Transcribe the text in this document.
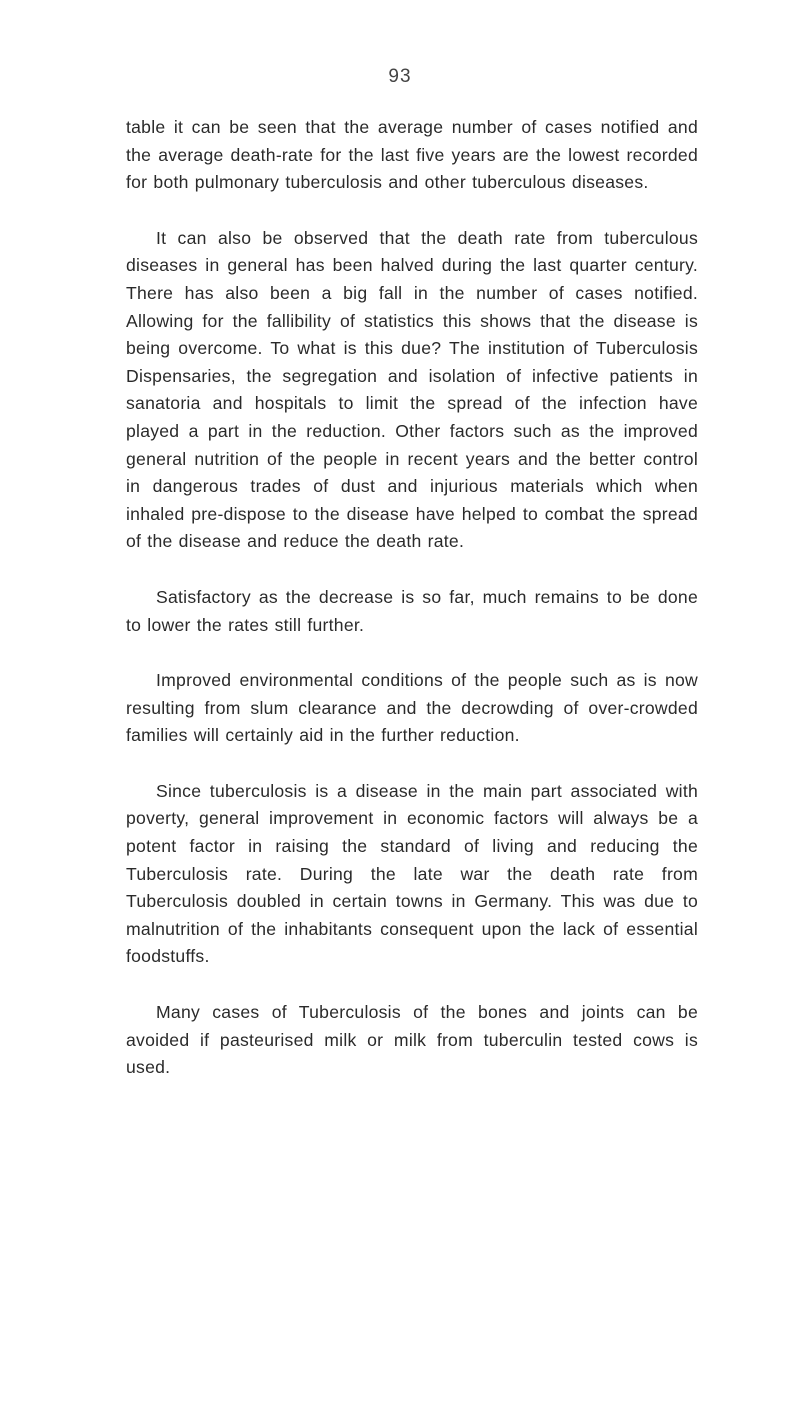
93

table it can be seen that the average number of cases notified and the average death-rate for the last five years are the lowest recorded for both pulmonary tuberculosis and other tuberculous diseases.

It can also be observed that the death rate from tuberculous diseases in general has been halved during the last quarter century. There has also been a big fall in the number of cases notified. Allowing for the fallibility of statistics this shows that the disease is being overcome. To what is this due? The institution of Tuberculosis Dispensaries, the segregation and isolation of infective patients in sanatoria and hospitals to limit the spread of the infection have played a part in the reduction. Other factors such as the improved general nutrition of the people in recent years and the better control in dangerous trades of dust and injurious materials which when inhaled pre-dispose to the disease have helped to combat the spread of the disease and reduce the death rate.

Satisfactory as the decrease is so far, much remains to be done to lower the rates still further.

Improved environmental conditions of the people such as is now resulting from slum clearance and the decrowding of over-crowded families will certainly aid in the further reduction.

Since tuberculosis is a disease in the main part associated with poverty, general improvement in economic factors will always be a potent factor in raising the standard of living and reducing the Tuberculosis rate. During the late war the death rate from Tuberculosis doubled in certain towns in Germany. This was due to malnutrition of the inhabitants consequent upon the lack of essential foodstuffs.

Many cases of Tuberculosis of the bones and joints can be avoided if pasteurised milk or milk from tuberculin tested cows is used.
